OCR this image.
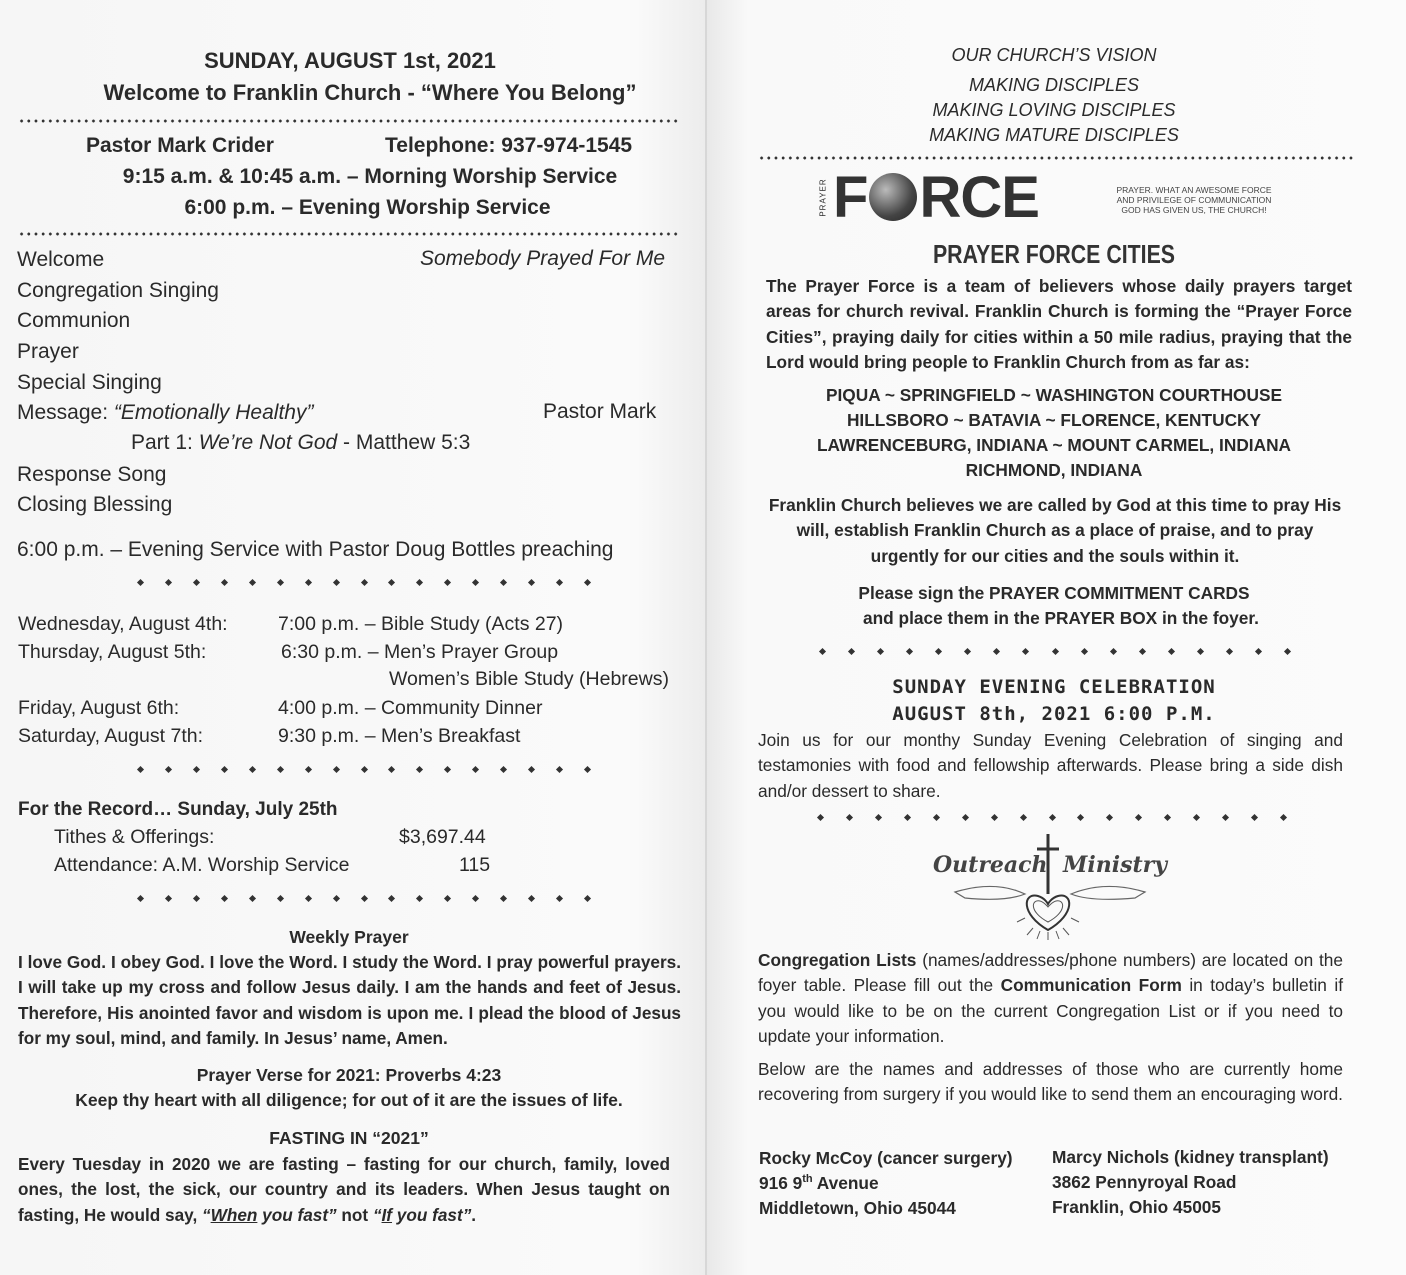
SUNDAY, AUGUST 1st, 2021
Welcome to Franklin Church - “Where You Belong”
Pastor Mark Crider	Telephone: 937-974-1545
9:15 a.m. & 10:45 a.m. – Morning Worship Service
6:00 p.m. – Evening Worship Service
Welcome	Somebody Prayed For Me
Congregation Singing
Communion
Prayer
Special Singing
Message: “Emotionally Healthy”	Pastor Mark
Part 1: We’re Not God - Matthew 5:3
Response Song
Closing Blessing
6:00 p.m. – Evening Service with Pastor Doug Bottles preaching
Wednesday, August 4th:	7:00 p.m. – Bible Study (Acts 27)
Thursday, August 5th:	6:30 p.m. – Men’s Prayer Group
Women’s Bible Study (Hebrews)
Friday, August 6th:	4:00 p.m. – Community Dinner
Saturday, August 7th:	9:30 p.m. – Men’s Breakfast
For the Record… Sunday, July 25th
Tithes & Offerings:	$3,697.44
Attendance: A.M. Worship Service	115
Weekly Prayer
I love God. I obey God. I love the Word. I study the Word. I pray powerful prayers. I will take up my cross and follow Jesus daily. I am the hands and feet of Jesus. Therefore, His anointed favor and wisdom is upon me. I plead the blood of Jesus for my soul, mind, and family. In Jesus’ name, Amen.
Prayer Verse for 2021: Proverbs 4:23
Keep thy heart with all diligence; for out of it are the issues of life.
FASTING IN “2021”
Every Tuesday in 2020 we are fasting – fasting for our church, family, loved ones, the lost, the sick, our country and its leaders. When Jesus taught on fasting, He would say, “When you fast” not “If you fast”.
OUR CHURCH’S VISION
MAKING DISCIPLES
MAKING LOVING DISCIPLES
MAKING MATURE DISCIPLES
PRAYER F RCE	PRAYER. WHAT AN AWESOME FORCE
AND PRIVILEGE OF COMMUNICATION
GOD HAS GIVEN US, THE CHURCH!
PRAYER FORCE CITIES
The Prayer Force is a team of believers whose daily prayers target areas for church revival. Franklin Church is forming the “Prayer Force Cities”, praying daily for cities within a 50 mile radius, praying that the Lord would bring people to Franklin Church from as far as:
PIQUA ~ SPRINGFIELD ~ WASHINGTON COURTHOUSE
HILLSBORO ~ BATAVIA ~ FLORENCE, KENTUCKY
LAWRENCEBURG, INDIANA ~ MOUNT CARMEL, INDIANA
RICHMOND, INDIANA
Franklin Church believes we are called by God at this time to pray His will, establish Franklin Church as a place of praise, and to pray urgently for our cities and the souls within it.
Please sign the PRAYER COMMITMENT CARDS
and place them in the PRAYER BOX in the foyer.
SUNDAY EVENING CELEBRATION
AUGUST 8th, 2021 6:00 P.M.
Join us for our monthy Sunday Evening Celebration of singing and testamonies with food and fellowship afterwards. Please bring a side dish and/or dessert to share.
Outreach Ministry
Congregation Lists (names/addresses/phone numbers) are located on the foyer table. Please fill out the Communication Form in today’s bulletin if you would like to be on the current Congregation List or if you need to update your information.
Below are the names and addresses of those who are currently home recovering from surgery if you would like to send them an encouraging word.
Rocky McCoy (cancer surgery)
916 9th Avenue
Middletown, Ohio 45044
Marcy Nichols (kidney transplant)
3862 Pennyroyal Road
Franklin, Ohio 45005
